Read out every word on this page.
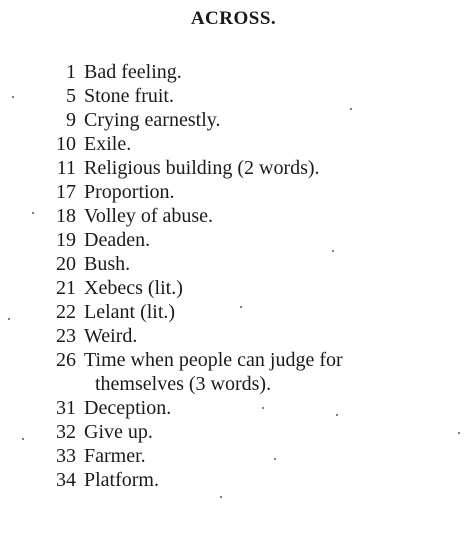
ACROSS.
1 Bad feeling.
5 Stone fruit.
9 Crying earnestly.
10 Exile.
11 Religious building (2 words).
17 Proportion.
18 Volley of abuse.
19 Deaden.
20 Bush.
21 Xebecs (lit.)
22 Lelant (lit.)
23 Weird.
26 Time when people can judge for
themselves (3 words).
31 Deception.
32 Give up.
33 Farmer.
34 Platform.
